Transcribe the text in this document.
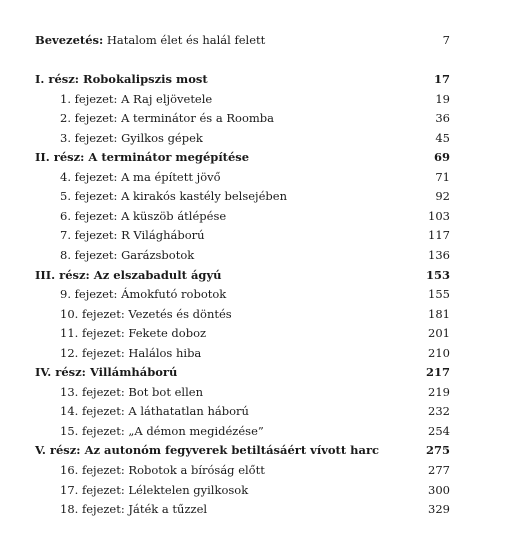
Bevezetés: Hatalom élet és halál felett	7
I. rész: Robokalipszis most	17
1. fejezet: A Raj eljövetele	19
2. fejezet: A terminátor és a Roomba	36
3. fejezet: Gyilkos gépek	45
II. rész: A terminátor megépítése	69
4. fejezet: A ma épített jövő	71
5. fejezet: A kirakós kastély belsejében	92
6. fejezet: A küszöb átlépése	103
7. fejezet: R Világháború	117
8. fejezet: Garázsbotok	136
III. rész: Az elszabadult ágyú	153
9. fejezet: Ámokfutó robotok	155
10. fejezet: Vezetés és döntés	181
11. fejezet: Fekete doboz	201
12. fejezet: Halálos hiba	210
IV. rész: Villámháború	217
13. fejezet: Bot bot ellen	219
14. fejezet: A láthatatlan háború	232
15. fejezet: „A démon megidézése”	254
V. rész: Az autonóm fegyverek betiltásáért vívott harc	275
16. fejezet: Robotok a bíróság előtt	277
17. fejezet: Lélektelen gyilkosok	300
18. fejezet: Játék a tűzzel	329
